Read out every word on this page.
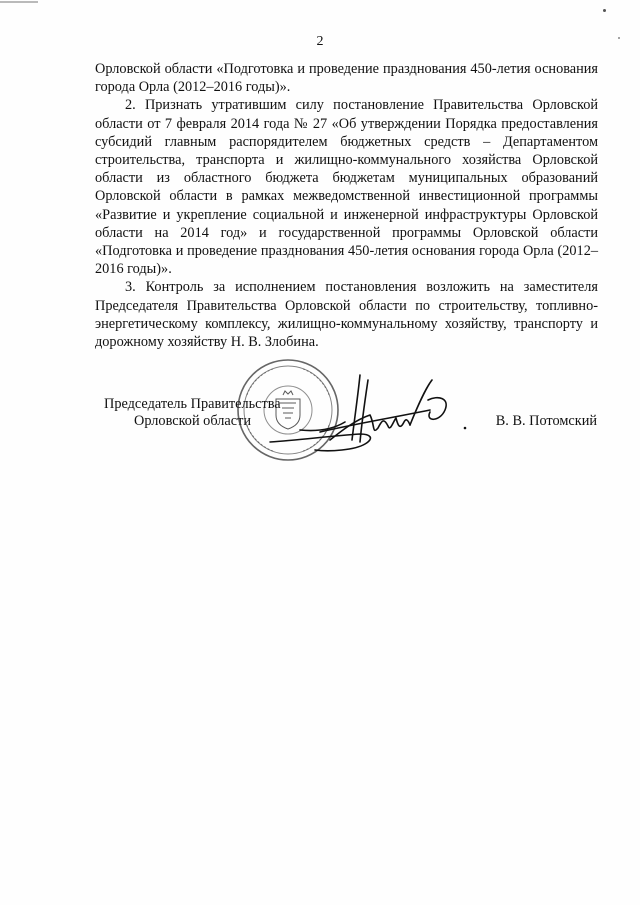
2

Орловской области «Подготовка и проведение празднования 450-летия основания города Орла (2012–2016 годы)».

2. Признать утратившим силу постановление Правительства Орловской области от 7 февраля 2014 года № 27 «Об утверждении Порядка предоставления субсидий главным распорядителем бюджетных средств – Департаментом строительства, транспорта и жилищно-коммунального хозяйства Орловской области из областного бюджета бюджетам муниципальных образований Орловской области в рамках межведомственной инвестиционной программы «Развитие и укрепление социальной и инженерной инфраструктуры Орловской области на 2014 год» и государственной программы Орловской области «Подготовка и проведение празднования 450-летия основания города Орла (2012–2016 годы)».

3. Контроль за исполнением постановления возложить на заместителя Председателя Правительства Орловской области по строительству, топливно-энергетическому комплексу, жилищно-коммунальному хозяйству, транспорту и дорожному хозяйству Н. В. Злобина.

Председатель Правительства
Орловской области	В. В. Потомский
